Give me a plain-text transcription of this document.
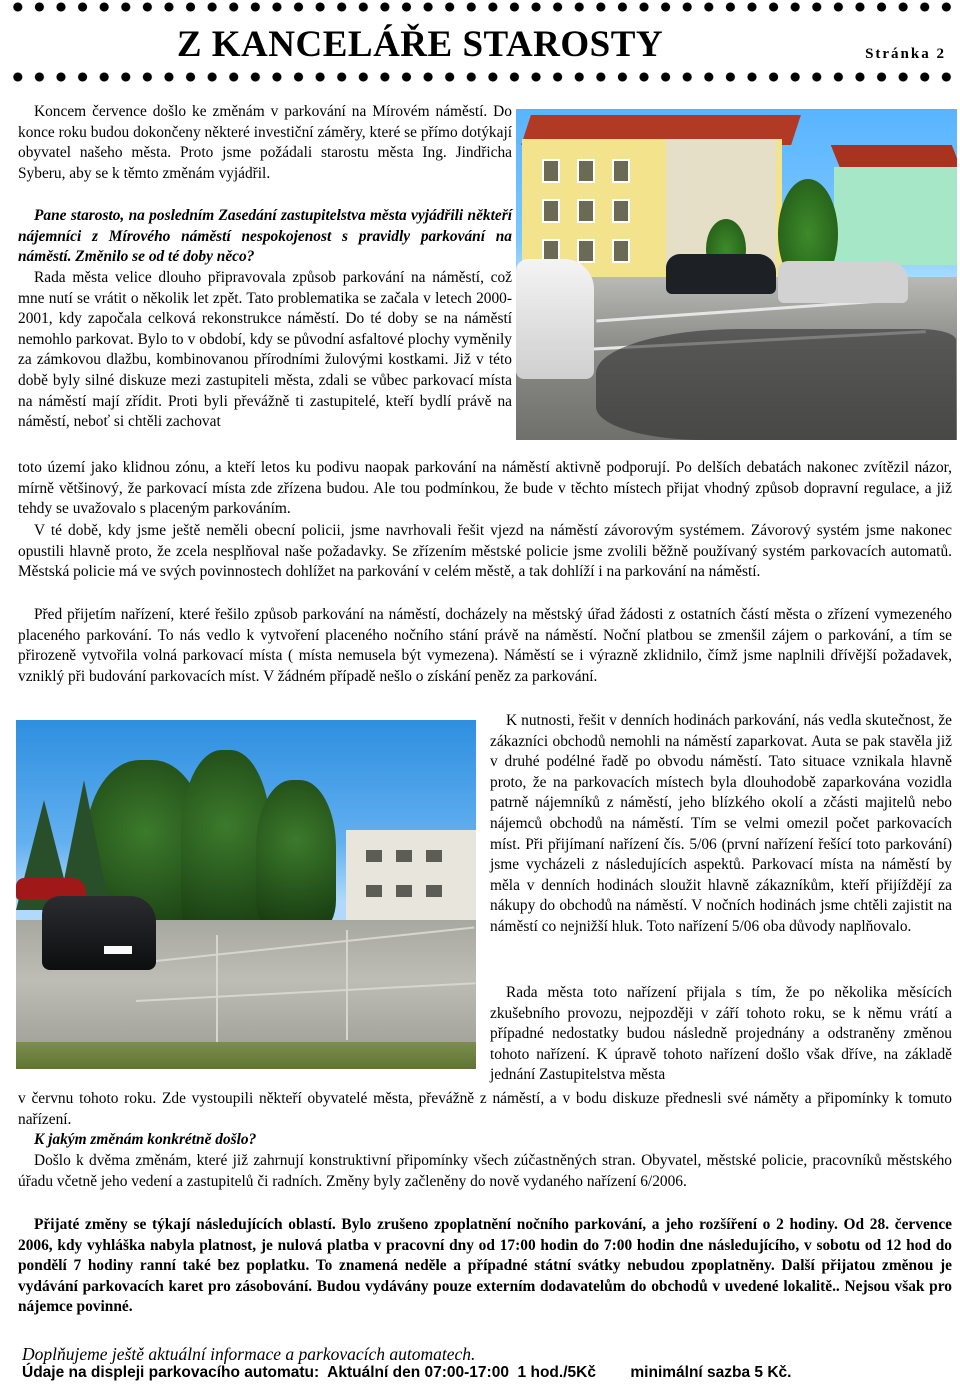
Z KANCELÁŘE STAROSTY	Stránka 2

Koncem července došlo ke změnám v parkování na Mírovém náměstí. Do konce roku budou dokončeny některé investiční záměry, které se přímo dotýkají obyvatel našeho města. Proto jsme požádali starostu města Ing. Jindřicha Syberu, aby se k těmto změnám vyjádřil.

Pane starosto, na posledním Zasedání zastupitelstva města vyjádřili někteří nájemníci z Mírového náměstí nespokojenost s pravidly parkování na náměstí. Změnilo se od té doby něco?

Rada města velice dlouho připravovala způsob parkování na náměstí, což mne nutí se vrátit o několik let zpět. Tato problematika se začala v letech 2000-2001, kdy započala celková rekonstrukce náměstí. Do té doby se na náměstí nemohlo parkovat. Bylo to v období, kdy se původní asfaltové plochy vyměnily za zámkovou dlažbu, kombinovanou přírodními žulovými kostkami. Již v této době byly silné diskuze mezi zastupiteli města, zdali se vůbec parkovací místa na náměstí mají zřídit. Proti byli převážně ti zastupitelé, kteří bydlí právě na náměstí, neboť si chtěli zachovat

toto území jako klidnou zónu, a kteří letos ku podivu naopak parkování na náměstí aktivně podporují. Po delších debatách nakonec zvítězil názor, mírně většinový, že parkovací místa zde zřízena budou. Ale tou podmínkou, že bude v těchto místech přijat vhodný způsob dopravní regulace, a již tehdy se uvažovalo s placeným parkováním.

V té době, kdy jsme ještě neměli obecní policii, jsme navrhovali řešit vjezd na náměstí závorovým systémem. Závorový systém jsme nakonec opustili hlavně proto, že zcela nesplňoval naše požadavky. Se zřízením městské policie jsme zvolili běžně používaný systém parkovacích automatů. Městská policie má ve svých povinnostech dohlížet na parkování v celém městě, a tak dohlíží i na parkování na náměstí.

Před přijetím nařízení, které řešilo způsob parkování na náměstí, docházely na městský úřad žádosti z ostatních částí města o zřízení vymezeného placeného parkování. To nás vedlo k vytvoření placeného nočního stání právě na náměstí. Noční platbou se zmenšil zájem o parkování, a tím se přirozeně vytvořila volná parkovací místa ( místa nemusela být vymezena). Náměstí se i výrazně zklidnilo, čímž jsme naplnili dřívější požadavek, vzniklý při budování parkovacích míst. V žádném případě nešlo o získání peněz za parkování.

K nutnosti, řešit v denních hodinách parkování, nás vedla skutečnost, že zákazníci obchodů nemohli na náměstí zaparkovat. Auta se pak stavěla již v druhé podélné řadě po obvodu náměstí. Tato situace vznikala hlavně proto, že na parkovacích místech byla dlouhodobě zaparkována vozidla patrně nájemníků z náměstí, jeho blízkého okolí a zčásti majitelů nebo nájemců obchodů na náměstí. Tím se velmi omezil počet parkovacích míst. Při přijímaní nařízení čís. 5/06 (první nařízení řešící toto parkování) jsme vycházeli z následujících aspektů. Parkovací místa na náměstí by měla v denních hodinách sloužit hlavně zákazníkům, kteří přijíždějí za nákupy do obchodů na náměstí. V nočních hodinách jsme chtěli zajistit na náměstí co nejnižší hluk. Toto nařízení 5/06 oba důvody naplňovalo.

Rada města toto nařízení přijala s tím, že po několika měsících zkušebního provozu, nejpozději v září tohoto roku, se k němu vrátí a případné nedostatky budou následně projednány a odstraněny změnou tohoto nařízení. K úpravě tohoto nařízení došlo však dříve, na základě jednání Zastupitelstva města

v červnu tohoto roku. Zde vystoupili někteří obyvatelé města, převážně z náměstí, a v bodu diskuze přednesli své náměty a připomínky k tomuto nařízení.

K jakým změnám konkrétně došlo?

Došlo k dvěma změnám, které již zahrnují konstruktivní připomínky všech zúčastněných stran. Obyvatel, městské policie, pracovníků městského úřadu včetně jeho vedení a zastupitelů či radních. Změny byly začleněny do nově vydaného nařízení 6/2006.

Přijaté změny se týkají následujících oblastí. Bylo zrušeno zpoplatnění nočního parkování, a jeho rozšíření o 2 hodiny. Od 28. července 2006, kdy vyhláška nabyla platnost, je nulová platba v pracovní dny od 17:00 hodin do 7:00 hodin dne následujícího, v sobotu od 12 hod do pondělí 7 hodiny ranní také bez poplatku. To znamená neděle a případné státní svátky nebudou zpoplatněny. Další přijatou změnou je vydávání parkovacích karet pro zásobování. Budou vydávány pouze externím dodavatelům do obchodů v uvedené lokalitě.. Nejsou však pro nájemce povinné.

Doplňujeme ještě aktuální informace a parkovacích automatech.

Údaje na displeji parkovacího automatu:  Aktuální den 07:00-17:00  1 hod./5Kč        minimální sazba 5 Kč.
